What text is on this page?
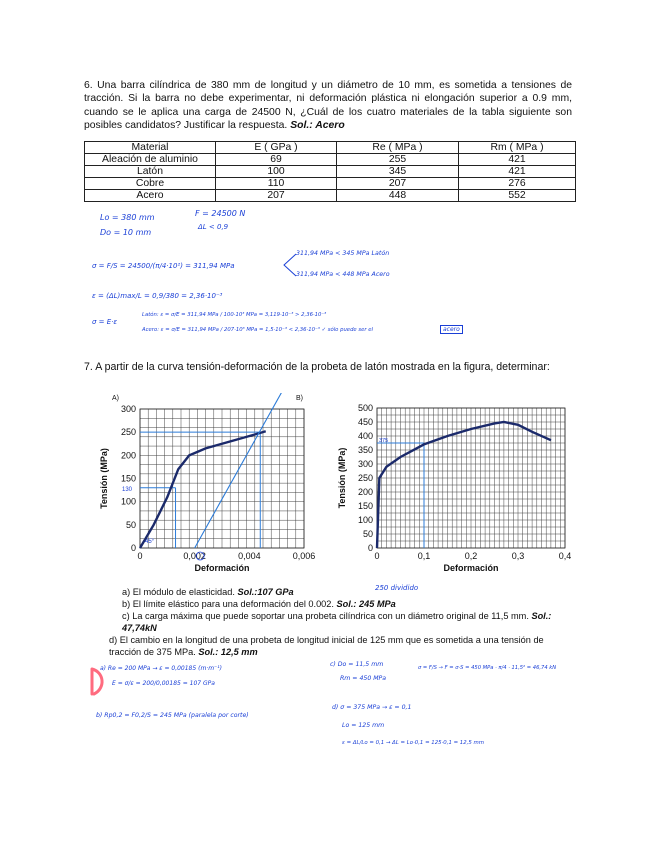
6. Una barra cilíndrica de 380 mm de longitud y un diámetro de 10 mm, es sometida a tensiones de tracción. Si la barra no debe experimentar, ni deformación plástica ni elongación superior a 0.9 mm, cuando se le aplica una carga de 24500 N, ¿Cuál de los cuatro materiales de la tabla siguiente son posibles candidatos? Justificar la respuesta. Sol.: Acero
Material	E ( GPa )	Re ( MPa )	Rm ( MPa )
Aleación de aluminio	69	255	421
Latón	100	345	421
Cobre	110	207	276
Acero	207	448	552
Lo = 380 mm
Do = 10 mm
F = 24500 N
ΔL < 0,9
σ = F/S = 24500/(π/4·10²) = 311,94 MPa
311,94 MPa < 345 MPa Latón
311,94 MPa < 448 MPa Acero
ε = (ΔL)max/L = 0,9/380 = 2,36·10⁻³
σ = E·ε
Latón: ε = σ/E = 311,94 MPa / 100·10³ MPa = 3,119·10⁻³ > 2,36·10⁻³
Acero: ε = σ/E = 311,94 MPa / 207·10³ MPa = 1,5·10⁻³ < 2,36·10⁻³ ✓ sólo puede ser el	acero
7. A partir de la curva tensión-deformación de la probeta de latón mostrada en la figura, determinar:
0
50
100
150
200
250
300
0	0,002	0,004	0,006
Deformación
Tensión (MPa)
A)	B)
130
45°
0
50
100
150
200
250
300
350
400
450
500
0	0,1	0,2	0,3	0,4
Deformación
Tensión (MPa)
375
a) El módulo de elasticidad. Sol.:107 GPa	250 dividido
b) El límite elástico para una deformación del 0.002. Sol.: 245 MPa
c) La carga máxima que puede soportar una probeta cilíndrica con un diámetro original de 11,5 mm. Sol.: 47,74kN
d) El cambio en la longitud de una probeta de longitud inicial de 125 mm que es sometida a una tensión de tracción de 375 MPa. Sol.: 12,5 mm
a) Re = 200 MPa → ε = 0,00185 (m·m⁻¹)
E = σ/ε = 200/0,00185 = 107 GPa
b) Rp0,2 = F0,2/S = 245 MPa (paralela por corte)
c) Do = 11,5 mm
Rm = 450 MPa
σ = F/S → F = σ·S = 450 MPa · π/4 · 11,5² = 46,74 kN
d) σ = 375 MPa → ε = 0,1
Lo = 125 mm
ε = ΔL/Lo = 0,1 → ΔL = Lo·0,1 = 125·0,1 = 12,5 mm
